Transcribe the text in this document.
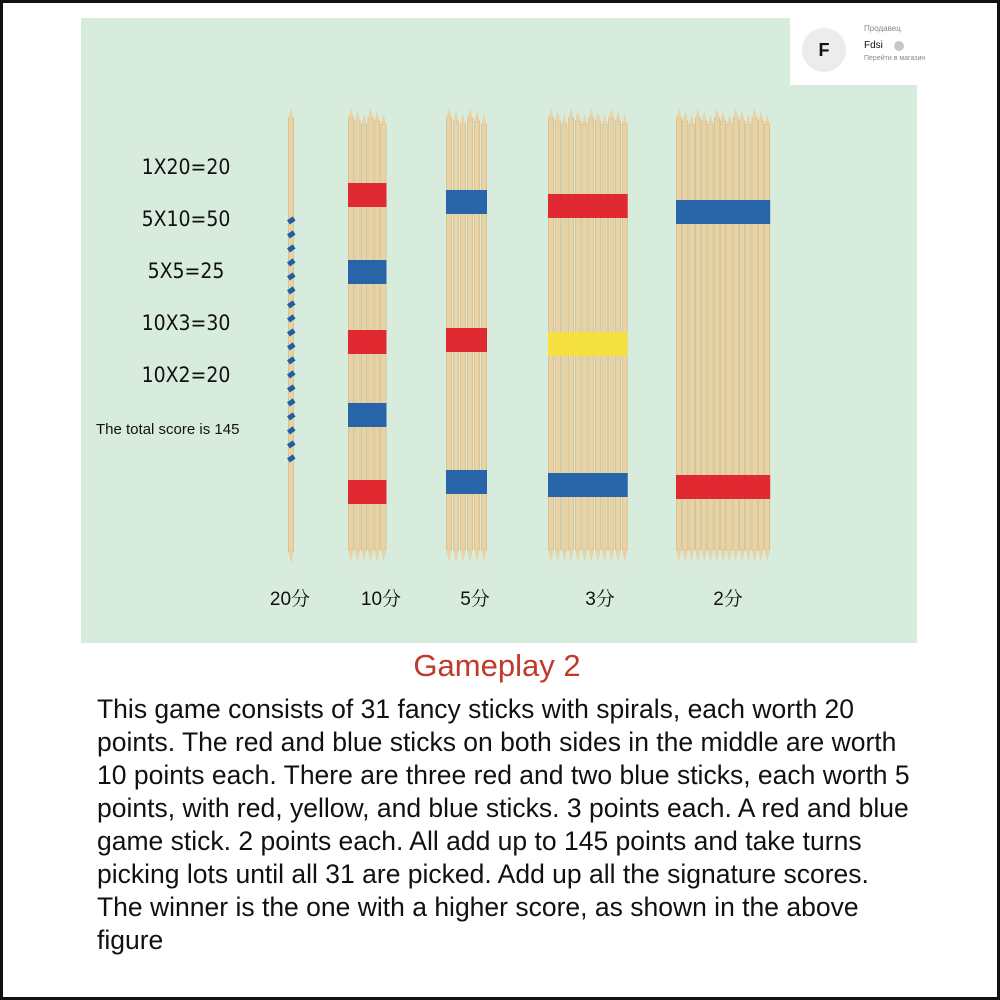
1X20=20
5X10=50
5X5=25
10X3=30
10X2=20
The total score is 145
20分	10分	5分	3分	2分
F
Продавец
Fdsi
Перейти в магазин
Gameplay 2
This game consists of 31 fancy sticks with spirals, each worth 20 points. The red and blue sticks on both sides in the middle are worth 10 points each. There are three red and two blue sticks, each worth 5 points, with red, yellow, and blue sticks. 3 points each. A red and blue game stick. 2 points each. All add up to 145 points and take turns picking lots until all 31 are picked. Add up all the signature scores. The winner is the one with a higher score, as shown in the above figure
